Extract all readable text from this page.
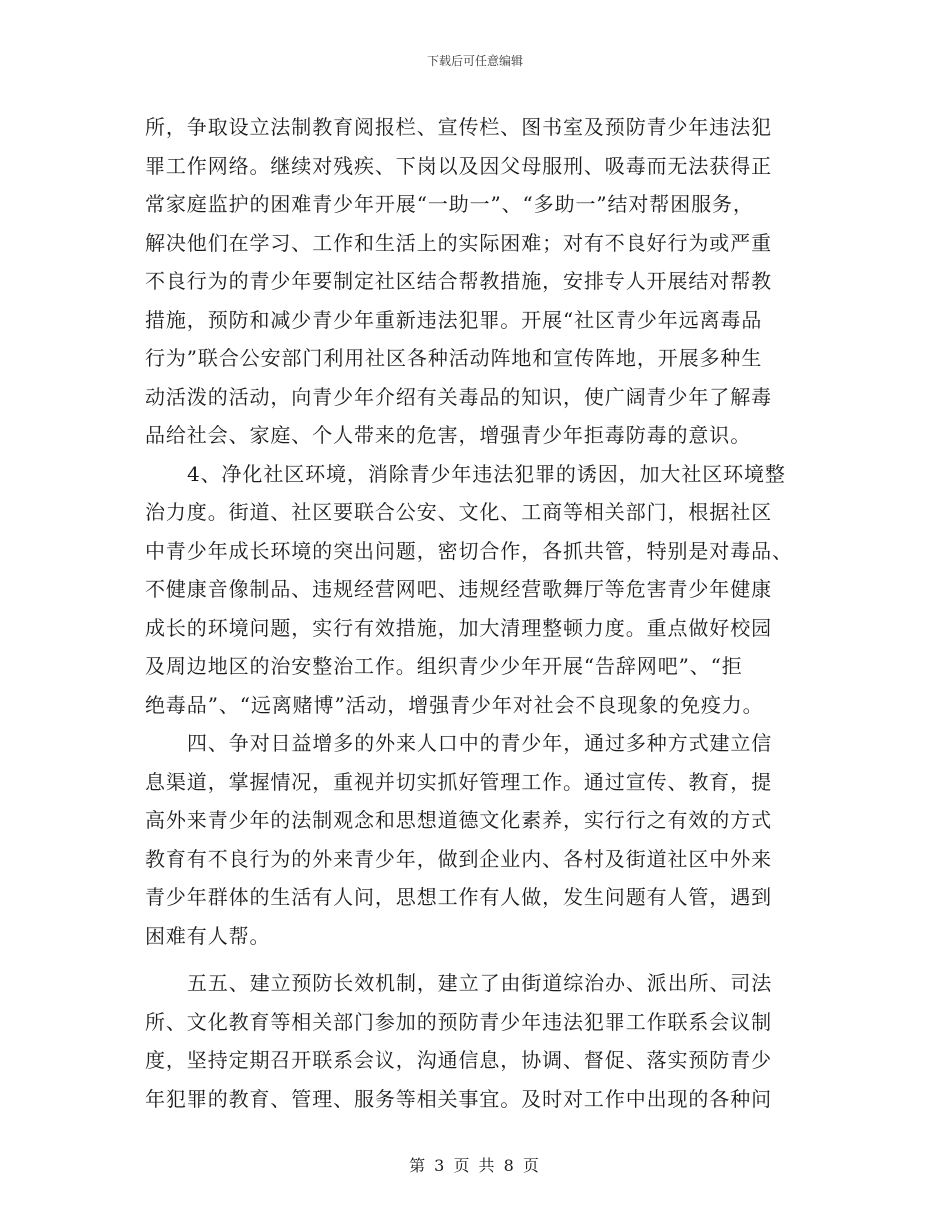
下载后可任意编辑
所，争取设立法制教育阅报栏、宣传栏、图书室及预防青少年违法犯
罪工作网络。继续对残疾、下岗以及因父母服刑、吸毒而无法获得正
常家庭监护的困难青少年开展“一助一”、“多助一”结对帮困服务，
解决他们在学习、工作和生活上的实际困难；对有不良好行为或严重
不良行为的青少年要制定社区结合帮教措施，安排专人开展结对帮教
措施，预防和减少青少年重新违法犯罪。开展“社区青少年远离毒品
行为”联合公安部门利用社区各种活动阵地和宣传阵地，开展多种生
动活泼的活动，向青少年介绍有关毒品的知识，使广阔青少年了解毒
品给社会、家庭、个人带来的危害，增强青少年拒毒防毒的意识。
4、净化社区环境，消除青少年违法犯罪的诱因，加大社区环境整
治力度。街道、社区要联合公安、文化、工商等相关部门，根据社区
中青少年成长环境的突出问题，密切合作，各抓共管，特别是对毒品、
不健康音像制品、违规经营网吧、违规经营歌舞厅等危害青少年健康
成长的环境问题，实行有效措施，加大清理整顿力度。重点做好校园
及周边地区的治安整治工作。组织青少少年开展“告辞网吧”、“拒
绝毒品”、“远离赌博”活动，增强青少年对社会不良现象的免疫力。
四、争对日益增多的外来人口中的青少年，通过多种方式建立信
息渠道，掌握情况，重视并切实抓好管理工作。通过宣传、教育，提
高外来青少年的法制观念和思想道德文化素养，实行行之有效的方式
教育有不良行为的外来青少年，做到企业内、各村及街道社区中外来
青少年群体的生活有人问，思想工作有人做，发生问题有人管，遇到
困难有人帮。
五五、建立预防长效机制，建立了由街道综治办、派出所、司法
所、文化教育等相关部门参加的预防青少年违法犯罪工作联系会议制
度，坚持定期召开联系会议，沟通信息，协调、督促、落实预防青少
年犯罪的教育、管理、服务等相关事宜。及时对工作中出现的各种问
第 3 页 共 8 页
